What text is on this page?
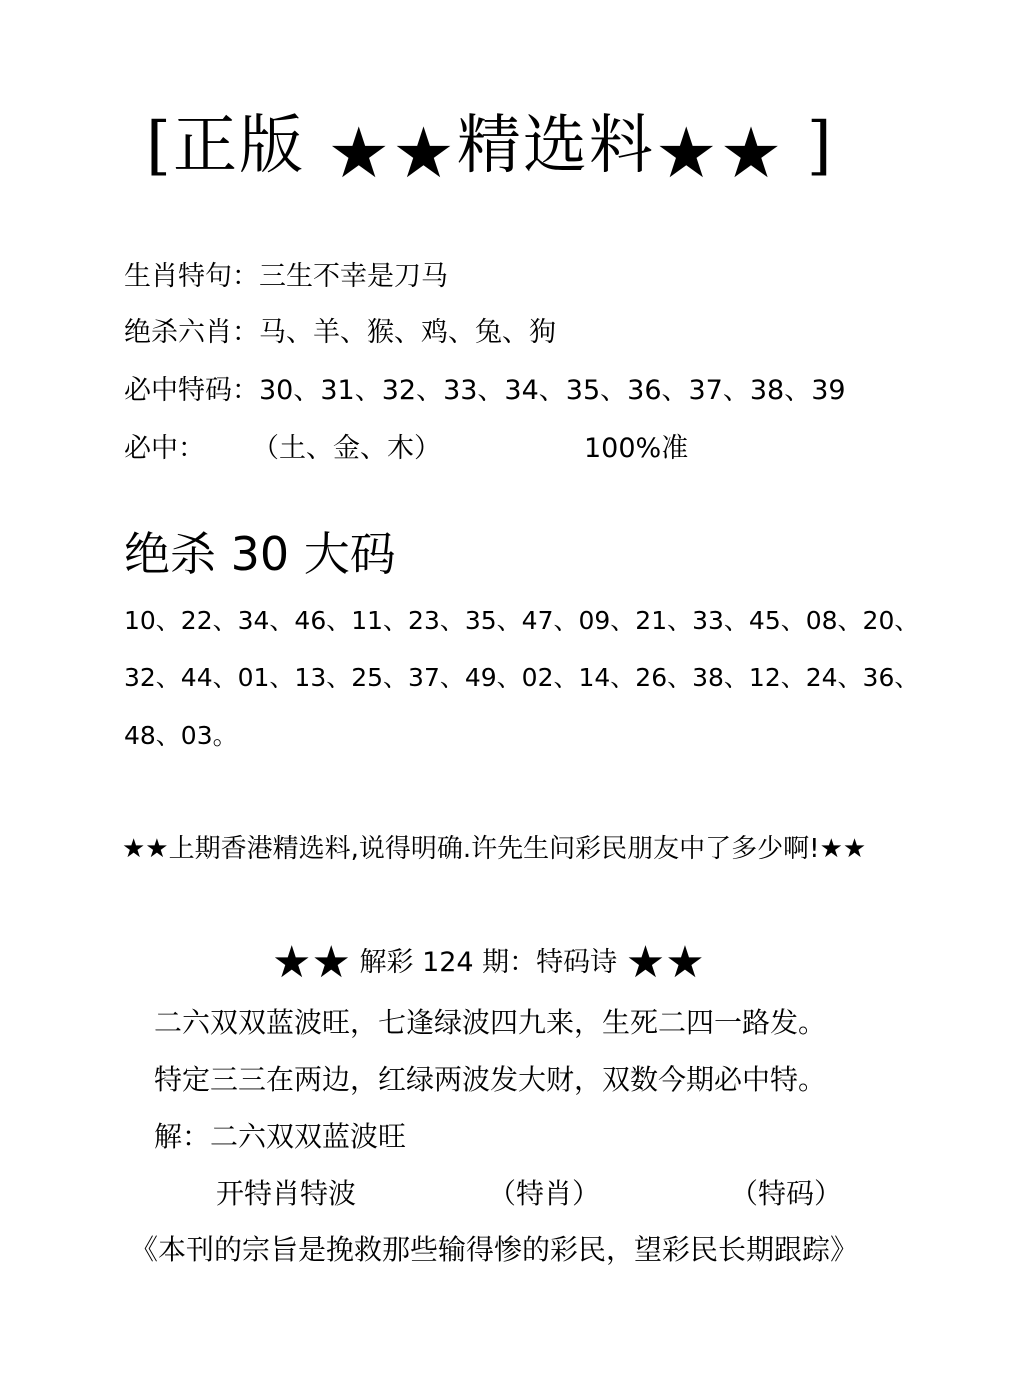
[正版 ★★精选料★★ ]
生肖特句：三生不幸是刀马
绝杀六肖：马、羊、猴、鸡、兔、狗
必中特码：30、31、32、33、34、35、36、37、38、39
必中： （土、金、木）	100%准
绝杀 30 大码
10、22、34、46、11、23、35、47、09、21、33、45、08、20、
32、44、01、13、25、37、49、02、14、26、38、12、24、36、
48、03。
★★上期香港精选料,说得明确.许先生问彩民朋友中了多少啊!★★
★★ 解彩 124 期：特码诗 ★★
二六双双蓝波旺，七逢绿波四九来，生死二四一路发。
特定三三在两边，红绿两波发大财，双数今期必中特。
解：二六双双蓝波旺
开特肖特波	（特肖）	（特码）
《本刊的宗旨是挽救那些输得惨的彩民，望彩民长期跟踪》
